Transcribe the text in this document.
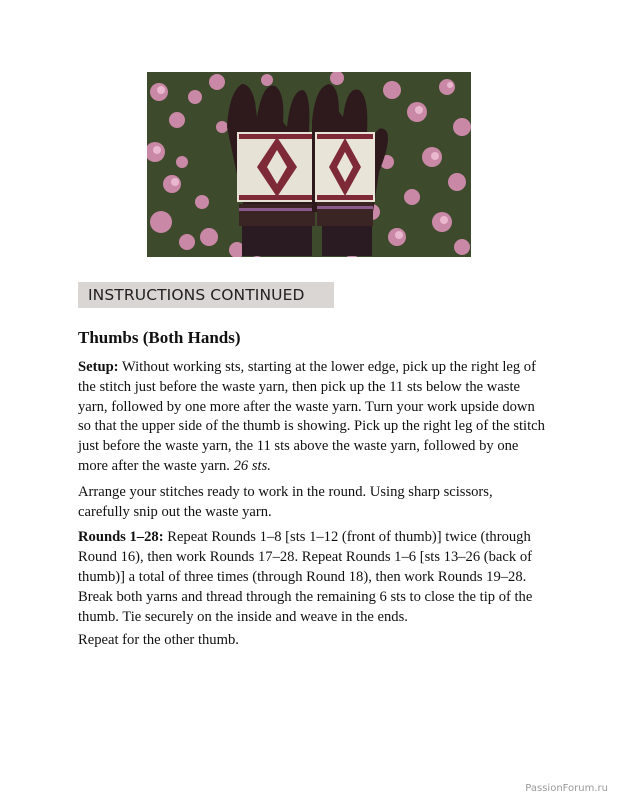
INSTRUCTIONS CONTINUED
Thumbs (Both Hands)

Setup: Without working sts, starting at the lower edge, pick up the right leg of the stitch just before the waste yarn, then pick up the 11 sts below the waste yarn, followed by one more after the waste yarn. Turn your work upside down so that the upper side of the thumb is showing. Pick up the right leg of the stitch just before the waste yarn, the 11 sts above the waste yarn, followed by one more after the waste yarn. 26 sts.

Arrange your stitches ready to work in the round. Using sharp scissors, carefully snip out the waste yarn.

Rounds 1–28: Repeat Rounds 1–8 [sts 1–12 (front of thumb)] twice (through Round 16), then work Rounds 17–28. Repeat Rounds 1–6 [sts 13–26 (back of thumb)] a total of three times (through Round 18), then work Rounds 19–28. Break both yarns and thread through the remaining 6 sts to close the tip of the thumb. Tie securely on the inside and weave in the ends.

Repeat for the other thumb.

PassionForum.ru
